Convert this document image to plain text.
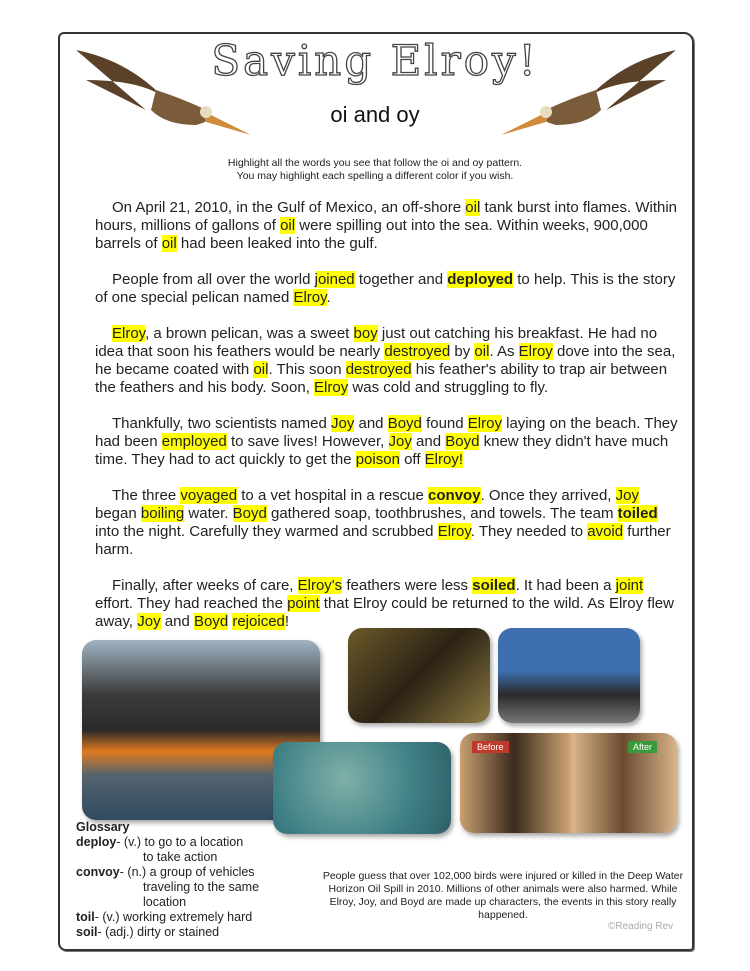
Saving Elroy!
oi and oy
Highlight all the words you see that follow the oi and oy pattern.
You may highlight each spelling a different color if you wish.

On April 21, 2010, in the Gulf of Mexico, an off-shore oil tank burst into flames. Within hours, millions of gallons of oil were spilling out into the sea. Within weeks, 900,000 barrels of oil had been leaked into the gulf.

People from all over the world joined together and deployed to help. This is the story of one special pelican named Elroy.

Elroy, a brown pelican, was a sweet boy just out catching his breakfast. He had no idea that soon his feathers would be nearly destroyed by oil. As Elroy dove into the sea, he became coated with oil. This soon destroyed his feather's ability to trap air between the feathers and his body. Soon, Elroy was cold and struggling to fly.

Thankfully, two scientists named Joy and Boyd found Elroy laying on the beach. They had been employed to save lives! However, Joy and Boyd knew they didn't have much time. They had to act quickly to get the poison off Elroy!

The three voyaged to a vet hospital in a rescue convoy. Once they arrived, Joy began boiling water. Boyd gathered soap, toothbrushes, and towels. The team toiled into the night. Carefully they warmed and scrubbed Elroy. They needed to avoid further harm.

Finally, after weeks of care, Elroy's feathers were less soiled. It had been a joint effort. They had reached the point that Elroy could be returned to the wild. As Elroy flew away, Joy and Boyd rejoiced!

Before	After
Glossary
deploy- (v.) to go to a location
to take action
convoy- (n.) a group of vehicles
traveling to the same
location
toil- (v.) working extremely hard
soil- (adj.) dirty or stained
People guess that over 102,000 birds were injured or killed in the Deep Water Horizon Oil Spill in 2010. Millions of other animals were also harmed. While Elroy, Joy, and Boyd are made up characters, the events in this story really happened.
©Reading Rev
